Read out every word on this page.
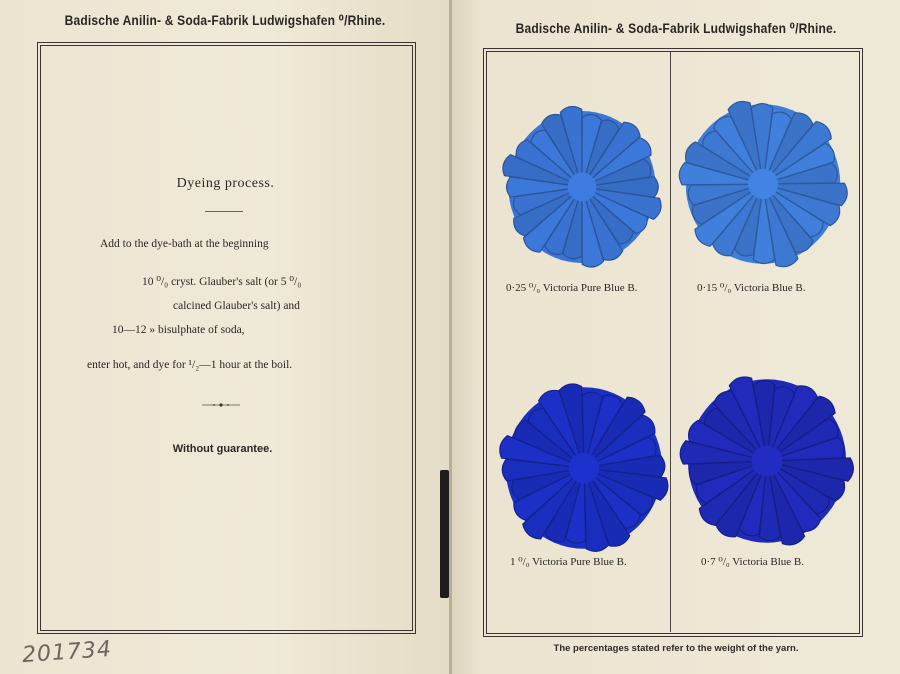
Badische Anilin- & Soda-Fabrik Ludwigshafen ⁰/Rhine.
Dyeing process.
Add to the dye-bath at the beginning
10 ⁰/₀ cryst. Glauber's salt (or 5 ⁰/₀
calcined Glauber's salt) and
10—12 » bisulphate of soda,
enter hot, and dye for ¹/₂—1 hour at the boil.
Without guarantee.
201734
Badische Anilin- & Soda-Fabrik Ludwigshafen ⁰/Rhine.
0·25 ⁰/₀ Victoria Pure Blue B.	0·15 ⁰/₀ Victoria Blue B.
1 ⁰/₀ Victoria Pure Blue B.	0·7 ⁰/₀ Victoria Blue B.
The percentages stated refer to the weight of the yarn.
